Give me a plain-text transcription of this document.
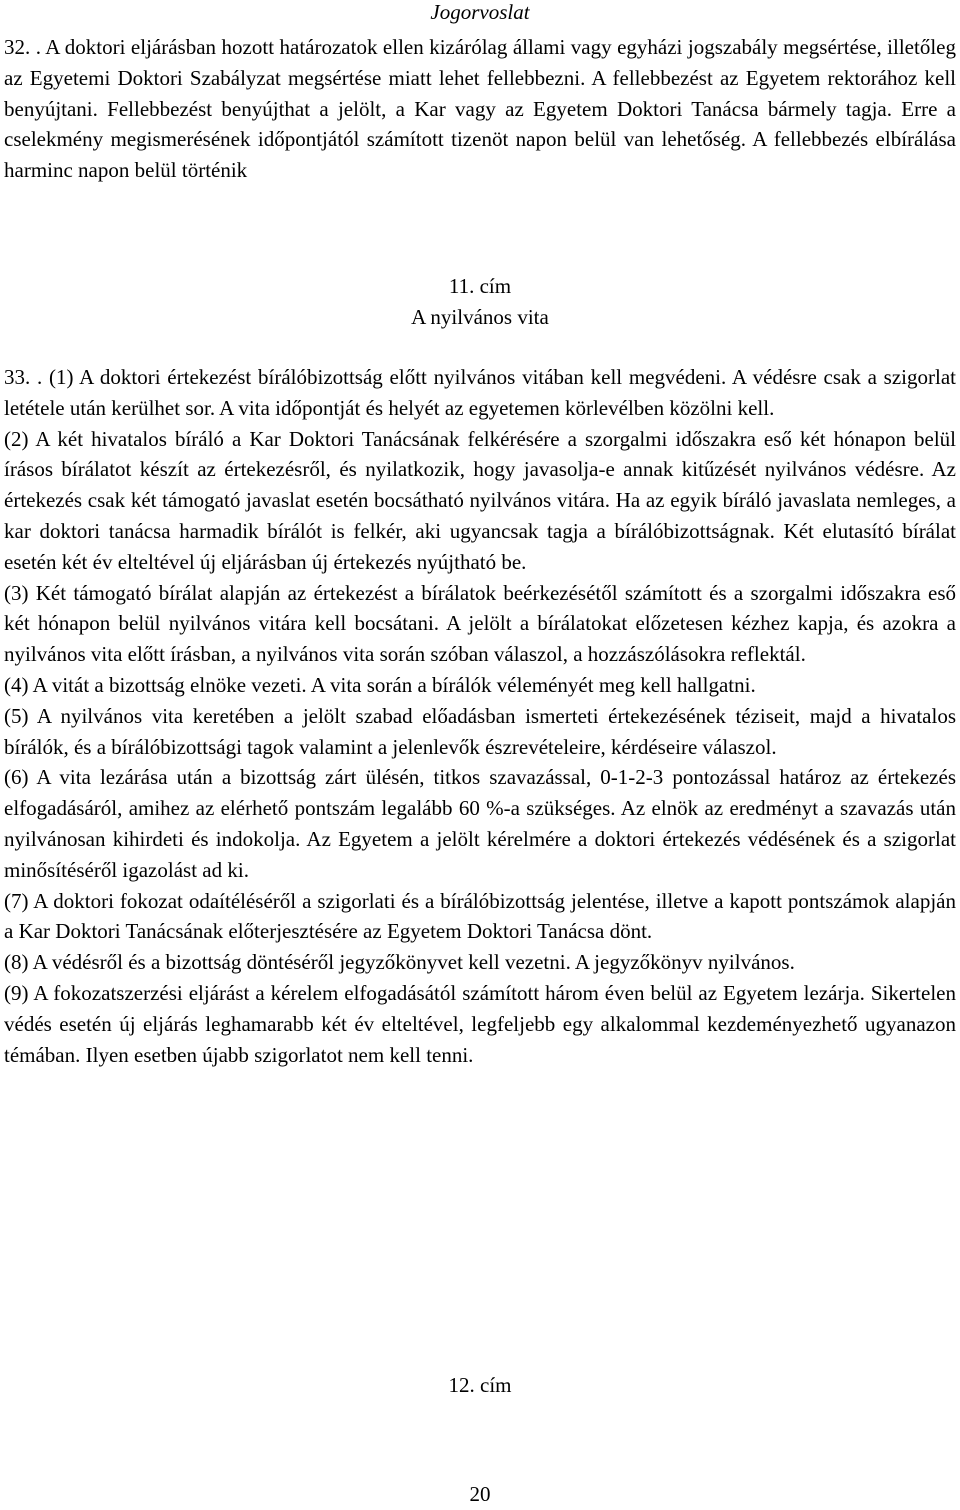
Jogorvoslat

32. . A doktori eljárásban hozott határozatok ellen kizárólag állami vagy egyházi jogszabály megsértése, illetőleg az Egyetemi Doktori Szabályzat megsértése miatt lehet fellebbezni. A fellebbezést az Egyetem rektorához kell benyújtani. Fellebbezést benyújthat a jelölt, a Kar vagy az Egyetem Doktori Tanácsa bármely tagja. Erre a cselekmény megismerésének időpontjától számított tizenöt napon belül van lehetőség. A fellebbezés elbírálása harminc napon belül történik

11. cím
A nyilvános vita

33. . (1) A doktori értekezést bírálóbizottság előtt nyilvános vitában kell megvédeni. A védésre csak a szigorlat letétele után kerülhet sor. A vita időpontját és helyét az egyetemen körlevélben közölni kell.

(2) A két hivatalos bíráló a Kar Doktori Tanácsának felkérésére a szorgalmi időszakra eső két hónapon belül írásos bírálatot készít az értekezésről, és nyilatkozik, hogy javasolja-e annak kitűzését nyilvános védésre. Az értekezés csak két támogató javaslat esetén bocsátható nyilvános vitára. Ha az egyik bíráló javaslata nemleges, a kar doktori tanácsa harmadik bírálót is felkér, aki ugyancsak tagja a bírálóbizottságnak. Két elutasító bírálat esetén két év elteltével új eljárásban új értekezés nyújtható be.

(3) Két támogató bírálat alapján az értekezést a bírálatok beérkezésétől számított és a szorgalmi időszakra eső két hónapon belül nyilvános vitára kell bocsátani. A jelölt a bírálatokat előzetesen kézhez kapja, és azokra a nyilvános vita előtt írásban, a nyilvános vita során szóban válaszol, a hozzászólásokra reflektál.

(4) A vitát a bizottság elnöke vezeti. A vita során a bírálók véleményét meg kell hallgatni.

(5) A nyilvános vita keretében a jelölt szabad előadásban ismerteti értekezésének téziseit, majd a hivatalos bírálók, és a bírálóbizottsági tagok valamint a jelenlevők észrevételeire, kérdéseire válaszol.

(6) A vita lezárása után a bizottság zárt ülésén, titkos szavazással, 0-1-2-3 pontozással határoz az értekezés elfogadásáról, amihez az elérhető pontszám legalább 60 %-a szükséges. Az elnök az eredményt a szavazás után nyilvánosan kihirdeti és indokolja. Az Egyetem a jelölt kérelmére a doktori értekezés védésének és a szigorlat minősítéséről igazolást ad ki.

(7) A doktori fokozat odaítéléséről a szigorlati és a bírálóbizottság jelentése, illetve a kapott pontszámok alapján a Kar Doktori Tanácsának előterjesztésére az Egyetem Doktori Tanácsa dönt.

(8) A védésről és a bizottság döntéséről jegyzőkönyvet kell vezetni. A jegyzőkönyv nyilvános.

(9) A fokozatszerzési eljárást a kérelem elfogadásától számított három éven belül az Egyetem lezárja. Sikertelen védés esetén új eljárás leghamarabb két év elteltével, legfeljebb egy alkalommal kezdeményezhető ugyanazon témában. Ilyen esetben újabb szigorlatot nem kell tenni.

12. cím
20
